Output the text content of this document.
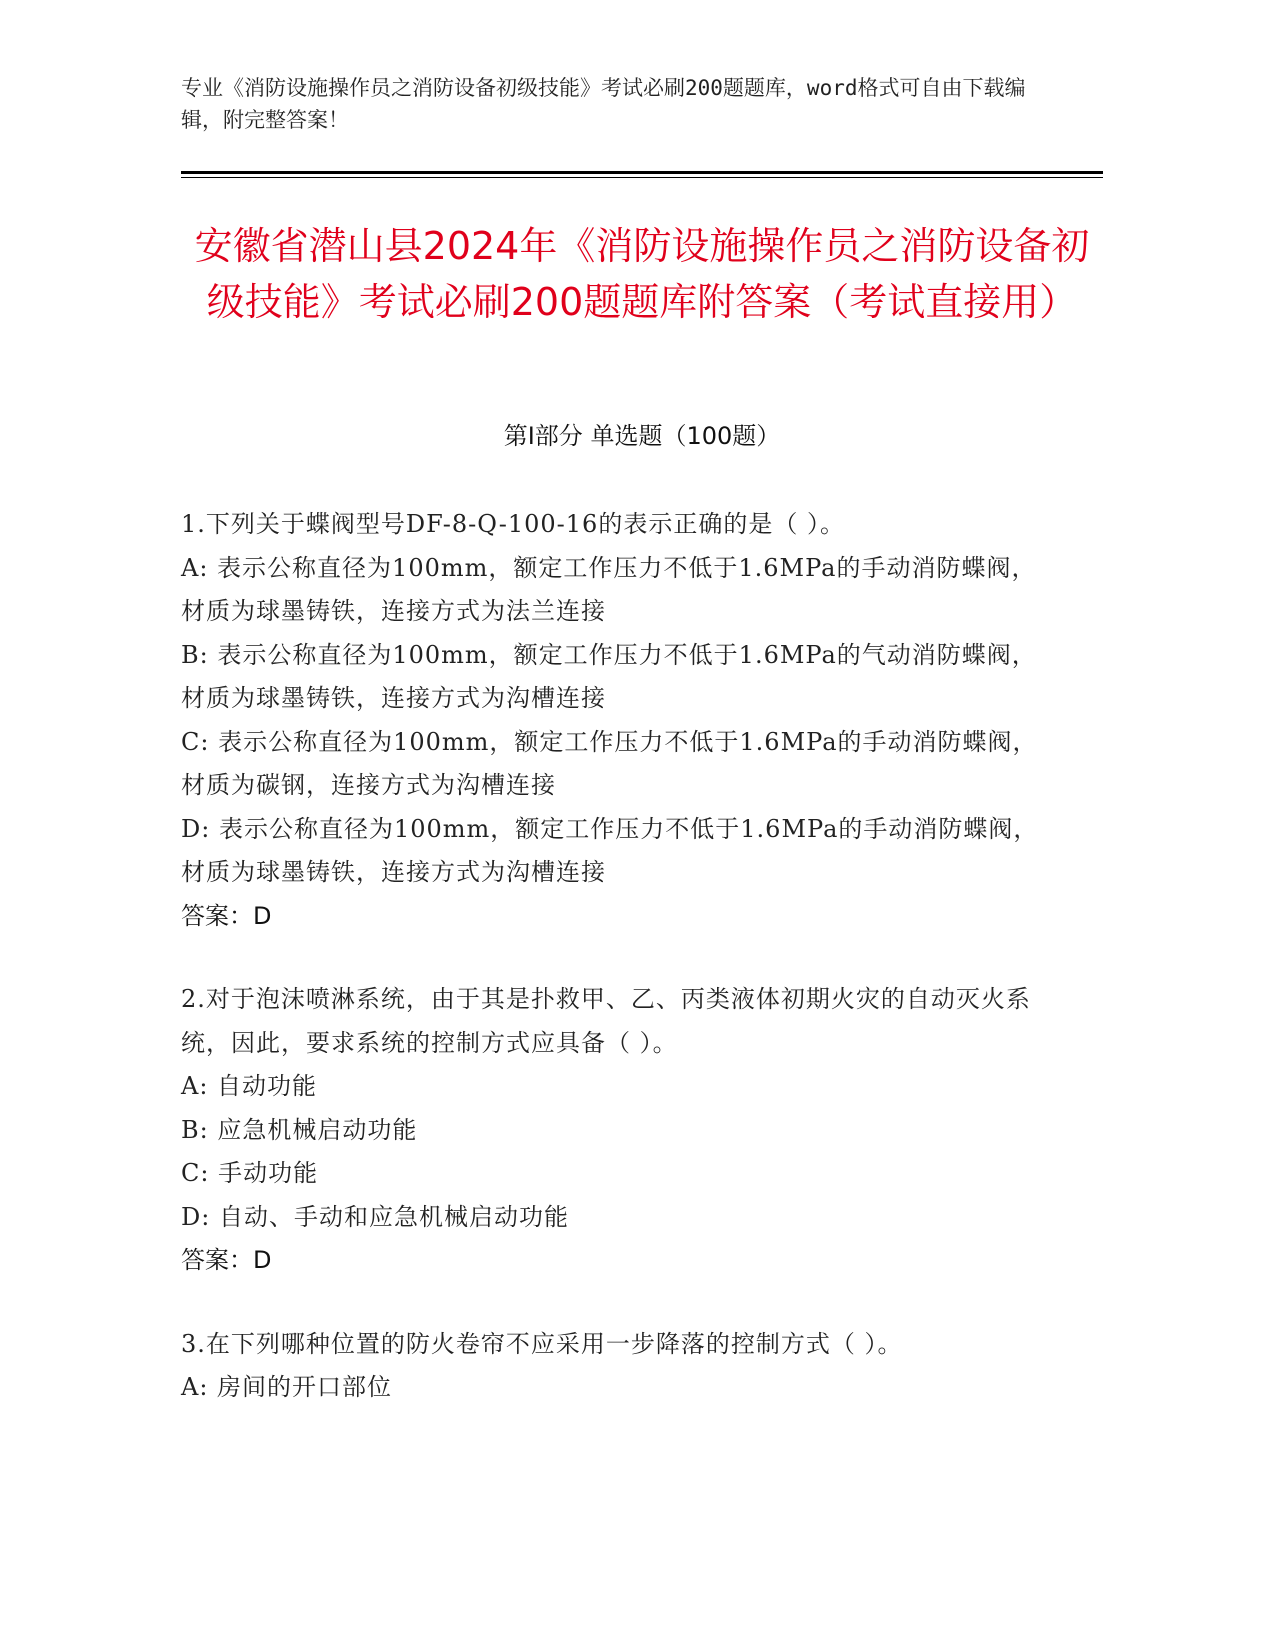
专业《消防设施操作员之消防设备初级技能》考试必刷200题题库，word格式可自由下载编辑，附完整答案！
安徽省潜山县2024年《消防设施操作员之消防设备初级技能》考试必刷200题题库附答案（考试直接用）
第Ⅰ部分 单选题（100题）
1.下列关于蝶阀型号DF-8-Q-100-16的表示正确的是（ ）。
A: 表示公称直径为100mm，额定工作压力不低于1.6MPa的手动消防蝶阀，材质为球墨铸铁，连接方式为法兰连接
B: 表示公称直径为100mm，额定工作压力不低于1.6MPa的气动消防蝶阀，材质为球墨铸铁，连接方式为沟槽连接
C: 表示公称直径为100mm，额定工作压力不低于1.6MPa的手动消防蝶阀，材质为碳钢，连接方式为沟槽连接
D: 表示公称直径为100mm，额定工作压力不低于1.6MPa的手动消防蝶阀，材质为球墨铸铁，连接方式为沟槽连接
答案：D
2.对于泡沫喷淋系统，由于其是扑救甲、乙、丙类液体初期火灾的自动灭火系统，因此，要求系统的控制方式应具备（ ）。
A: 自动功能
B: 应急机械启动功能
C: 手动功能
D: 自动、手动和应急机械启动功能
答案：D
3.在下列哪种位置的防火卷帘不应采用一步降落的控制方式（ ）。
A: 房间的开口部位
